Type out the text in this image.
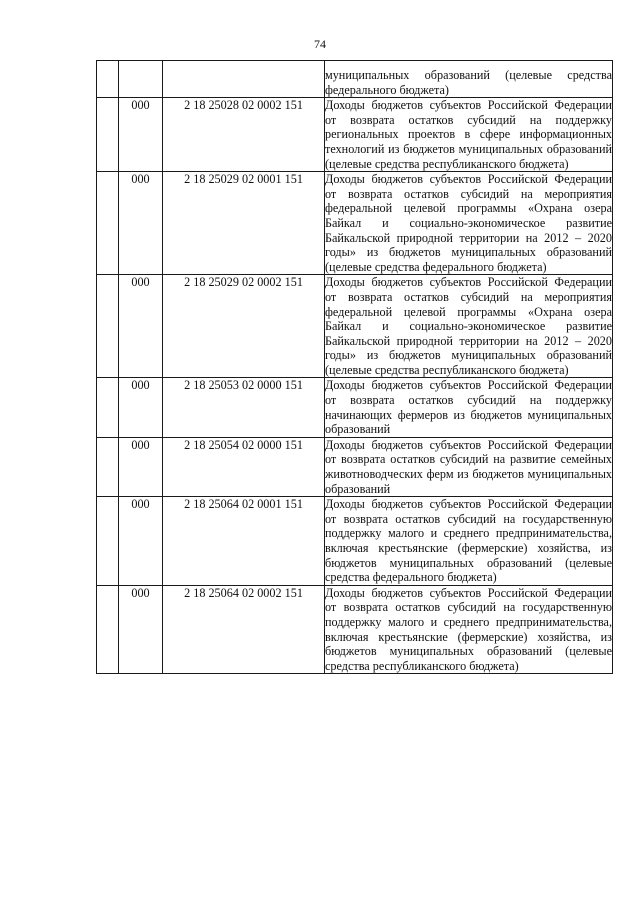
74

			муниципальных образований (целевые средства федерального бюджета)

	000	2 18 25028 02 0002 151	Доходы бюджетов субъектов Российской Федерации от возврата остатков субсидий на поддержку региональных проектов в сфере информационных технологий из бюджетов муниципальных образований (целевые средства республиканского бюджета)

	000	2 18 25029 02 0001 151	Доходы бюджетов субъектов Российской Федерации от возврата остатков субсидий на мероприятия федеральной целевой программы «Охрана озера Байкал и социально-экономическое развитие Байкальской природной территории на 2012 – 2020 годы» из бюджетов муниципальных образований (целевые средства федерального бюджета)

	000	2 18 25029 02 0002 151	Доходы бюджетов субъектов Российской Федерации от возврата остатков субсидий на мероприятия федеральной целевой программы «Охрана озера Байкал и социально-экономическое развитие Байкальской природной территории на 2012 – 2020 годы» из бюджетов муниципальных образований (целевые средства республиканского бюджета)

	000	2 18 25053 02 0000 151	Доходы бюджетов субъектов Российской Федерации от возврата остатков субсидий на поддержку начинающих фермеров из бюджетов муниципальных образований

	000	2 18 25054 02 0000 151	Доходы бюджетов субъектов Российской Федерации от возврата остатков субсидий на развитие семейных животноводческих ферм из бюджетов муниципальных образований

	000	2 18 25064 02 0001 151	Доходы бюджетов субъектов Российской Федерации от возврата остатков субсидий на государственную поддержку малого и среднего предпринимательства, включая крестьянские (фермерские) хозяйства, из бюджетов муниципальных образований (целевые средства федерального бюджета)

	000	2 18 25064 02 0002 151	Доходы бюджетов субъектов Российской Федерации от возврата остатков субсидий на государственную поддержку малого и среднего предпринимательства, включая крестьянские (фермерские) хозяйства, из бюджетов муниципальных образований (целевые средства республиканского бюджета)
